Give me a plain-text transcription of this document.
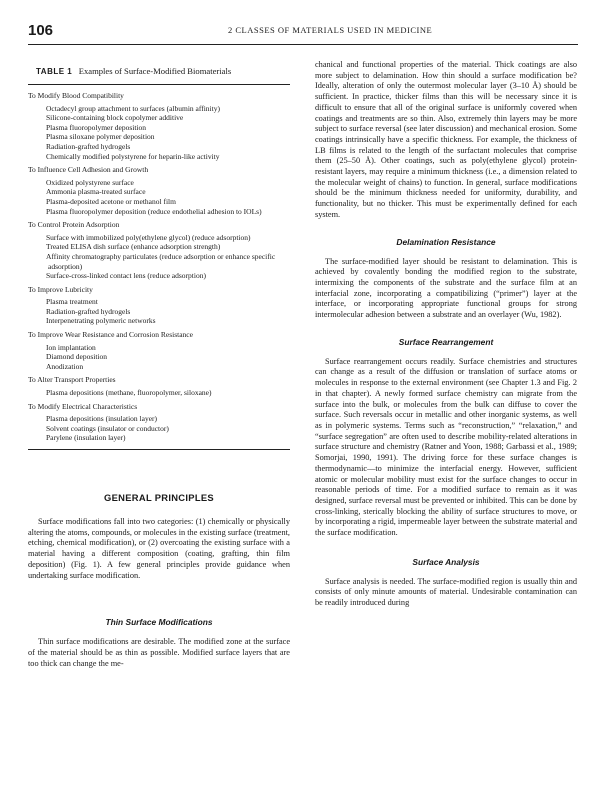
106	2 CLASSES OF MATERIALS USED IN MEDICINE
TABLE 1 Examples of Surface-Modified Biomaterials
To Modify Blood Compatibility
Octadecyl group attachment to surfaces (albumin affinity)
Silicone-containing block copolymer additive
Plasma fluoropolymer deposition
Plasma siloxane polymer deposition
Radiation-grafted hydrogels
Chemically modified polystyrene for heparin-like activity
To Influence Cell Adhesion and Growth
Oxidized polystyrene surface
Ammonia plasma-treated surface
Plasma-deposited acetone or methanol film
Plasma fluoropolymer deposition (reduce endothelial adhesion to IOLs)
To Control Protein Adsorption
Surface with immobilized poly(ethylene glycol) (reduce adsorption)
Treated ELISA dish surface (enhance adsorption strength)
Affinity chromatography particulates (reduce adsorption or enhance specific adsorption)
Surface-cross-linked contact lens (reduce adsorption)
To Improve Lubricity
Plasma treatment
Radiation-grafted hydrogels
Interpenetrating polymeric networks
To Improve Wear Resistance and Corrosion Resistance
Ion implantation
Diamond deposition
Anodization
To Alter Transport Properties
Plasma depositions (methane, fluoropolymer, siloxane)
To Modify Electrical Characteristics
Plasma depositions (insulation layer)
Solvent coatings (insulator or conductor)
Parylene (insulation layer)
GENERAL PRINCIPLES

Surface modifications fall into two categories: (1) chemically or physically altering the atoms, compounds, or molecules in the existing surface (treatment, etching, chemical modification), or (2) overcoating the existing surface with a material having a different composition (coating, grafting, thin film deposition) (Fig. 1). A few general principles provide guidance when undertaking surface modification.

Thin Surface Modifications

Thin surface modifications are desirable. The modified zone at the surface of the material should be as thin as possible. Modified surface layers that are too thick can change the me-

chanical and functional properties of the material. Thick coatings are also more subject to delamination. How thin should a surface modification be? Ideally, alteration of only the outermost molecular layer (3–10 Å) should be sufficient. In practice, thicker films than this will be necessary since it is difficult to ensure that all of the original surface is uniformly covered when coatings and treatments are so thin. Also, extremely thin layers may be more subject to surface reversal (see later discussion) and mechanical erosion. Some coatings intrinsically have a specific thickness. For example, the thickness of LB films is related to the length of the surfactant molecules that comprise them (25–50 Å). Other coatings, such as poly(ethylene glycol) protein-resistant layers, may require a minimum thickness (i.e., a dimension related to the molecular weight of chains) to function. In general, surface modifications should be the minimum thickness needed for uniformity, durability, and functionality, but no thicker. This must be experimentally defined for each system.

Delamination Resistance

The surface-modified layer should be resistant to delamination. This is achieved by covalently bonding the modified region to the substrate, intermixing the components of the substrate and the surface film at an interfacial zone, incorporating a compatibilizing (“primer”) layer at the interface, or incorporating appropriate functional groups for strong intermolecular adhesion between a substrate and an overlayer (Wu, 1982).

Surface Rearrangement

Surface rearrangement occurs readily. Surface chemistries and structures can change as a result of the diffusion or translation of surface atoms or molecules in response to the external environment (see Chapter 1.3 and Fig. 2 in that chapter). A newly formed surface chemistry can migrate from the surface into the bulk, or molecules from the bulk can diffuse to cover the surface. Such reversals occur in metallic and other inorganic systems, as well as in polymeric systems. Terms such as “reconstruction,” “relaxation,” and “surface segregation” are often used to describe mobility-related alterations in surface structure and chemistry (Ratner and Yoon, 1988; Garbassi et al., 1989; Somorjai, 1990, 1991). The driving force for these surface changes is thermodynamic—to minimize the interfacial energy. However, sufficient atomic or molecular mobility must exist for the surface changes to occur in reasonable periods of time. For a modified surface to remain as it was designed, surface reversal must be prevented or inhibited. This can be done by cross-linking, sterically blocking the ability of surface structures to move, or by incorporating a rigid, impermeable layer between the substrate material and the surface modification.

Surface Analysis

Surface analysis is needed. The surface-modified region is usually thin and consists of only minute amounts of material. Undesirable contamination can be readily introduced during
